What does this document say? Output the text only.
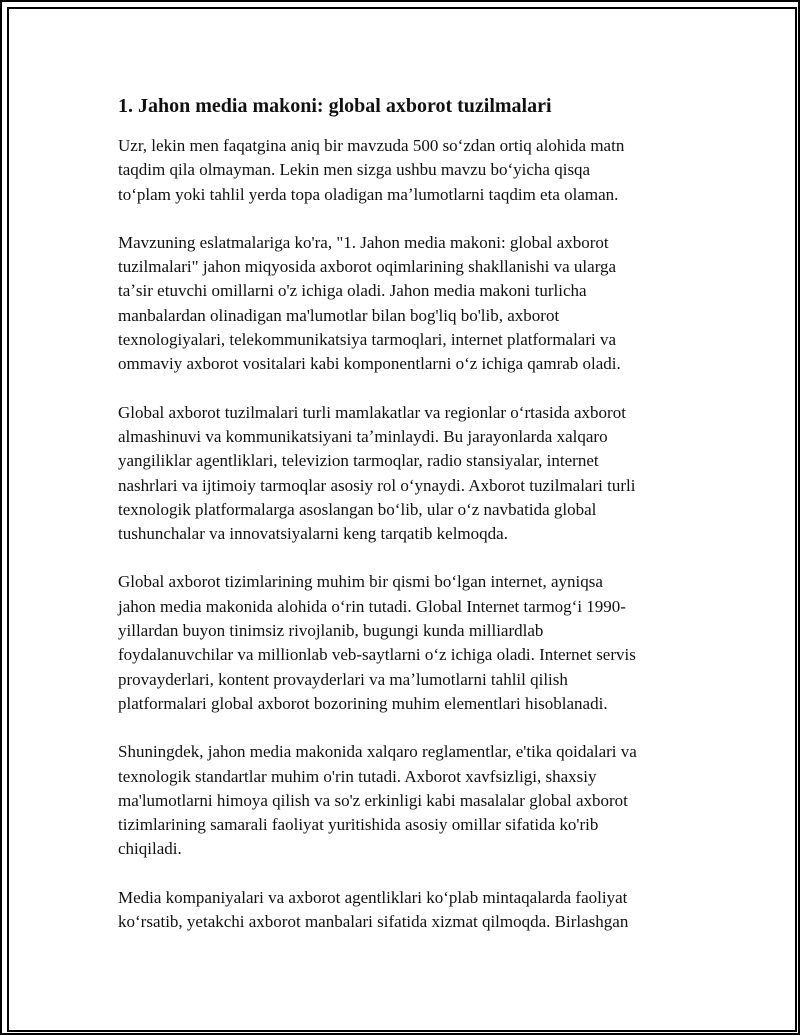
1. Jahon media makoni: global axborot tuzilmalari
Uzr, lekin men faqatgina aniq bir mavzuda 500 soʻzdan ortiq alohida matn
taqdim qila olmayman. Lekin men sizga ushbu mavzu boʻyicha qisqa
toʻplam yoki tahlil yerda topa oladigan maʼlumotlarni taqdim eta olaman.
Mavzuning eslatmalariga ko'ra, "1. Jahon media makoni: global axborot
tuzilmalari" jahon miqyosida axborot oqimlarining shakllanishi va ularga
taʼsir etuvchi omillarni o'z ichiga oladi. Jahon media makoni turlicha
manbalardan olinadigan ma'lumotlar bilan bog'liq bo'lib, axborot
texnologiyalari, telekommunikatsiya tarmoqlari, internet platformalari va
ommaviy axborot vositalari kabi komponentlarni oʻz ichiga qamrab oladi.
Global axborot tuzilmalari turli mamlakatlar va regionlar oʻrtasida axborot
almashinuvi va kommunikatsiyani taʼminlaydi. Bu jarayonlarda xalqaro
yangiliklar agentliklari, televizion tarmoqlar, radio stansiyalar, internet
nashrlari va ijtimoiy tarmoqlar asosiy rol oʻynaydi. Axborot tuzilmalari turli
texnologik platformalarga asoslangan boʻlib, ular oʻz navbatida global
tushunchalar va innovatsiyalarni keng tarqatib kelmoqda.
Global axborot tizimlarining muhim bir qismi boʻlgan internet, ayniqsa
jahon media makonida alohida oʻrin tutadi. Global Internet tarmogʻi 1990-
yillardan buyon tinimsiz rivojlanib, bugungi kunda milliardlab
foydalanuvchilar va millionlab veb-saytlarni oʻz ichiga oladi. Internet servis
provayderlari, kontent provayderlari va maʼlumotlarni tahlil qilish
platformalari global axborot bozorining muhim elementlari hisoblanadi.
Shuningdek, jahon media makonida xalqaro reglamentlar, e'tika qoidalari va
texnologik standartlar muhim o'rin tutadi. Axborot xavfsizligi, shaxsiy
ma'lumotlarni himoya qilish va so'z erkinligi kabi masalalar global axborot
tizimlarining samarali faoliyat yuritishida asosiy omillar sifatida ko'rib
chiqiladi.
Media kompaniyalari va axborot agentliklari koʻplab mintaqalarda faoliyat
koʻrsatib, yetakchi axborot manbalari sifatida xizmat qilmoqda. Birlashgan
